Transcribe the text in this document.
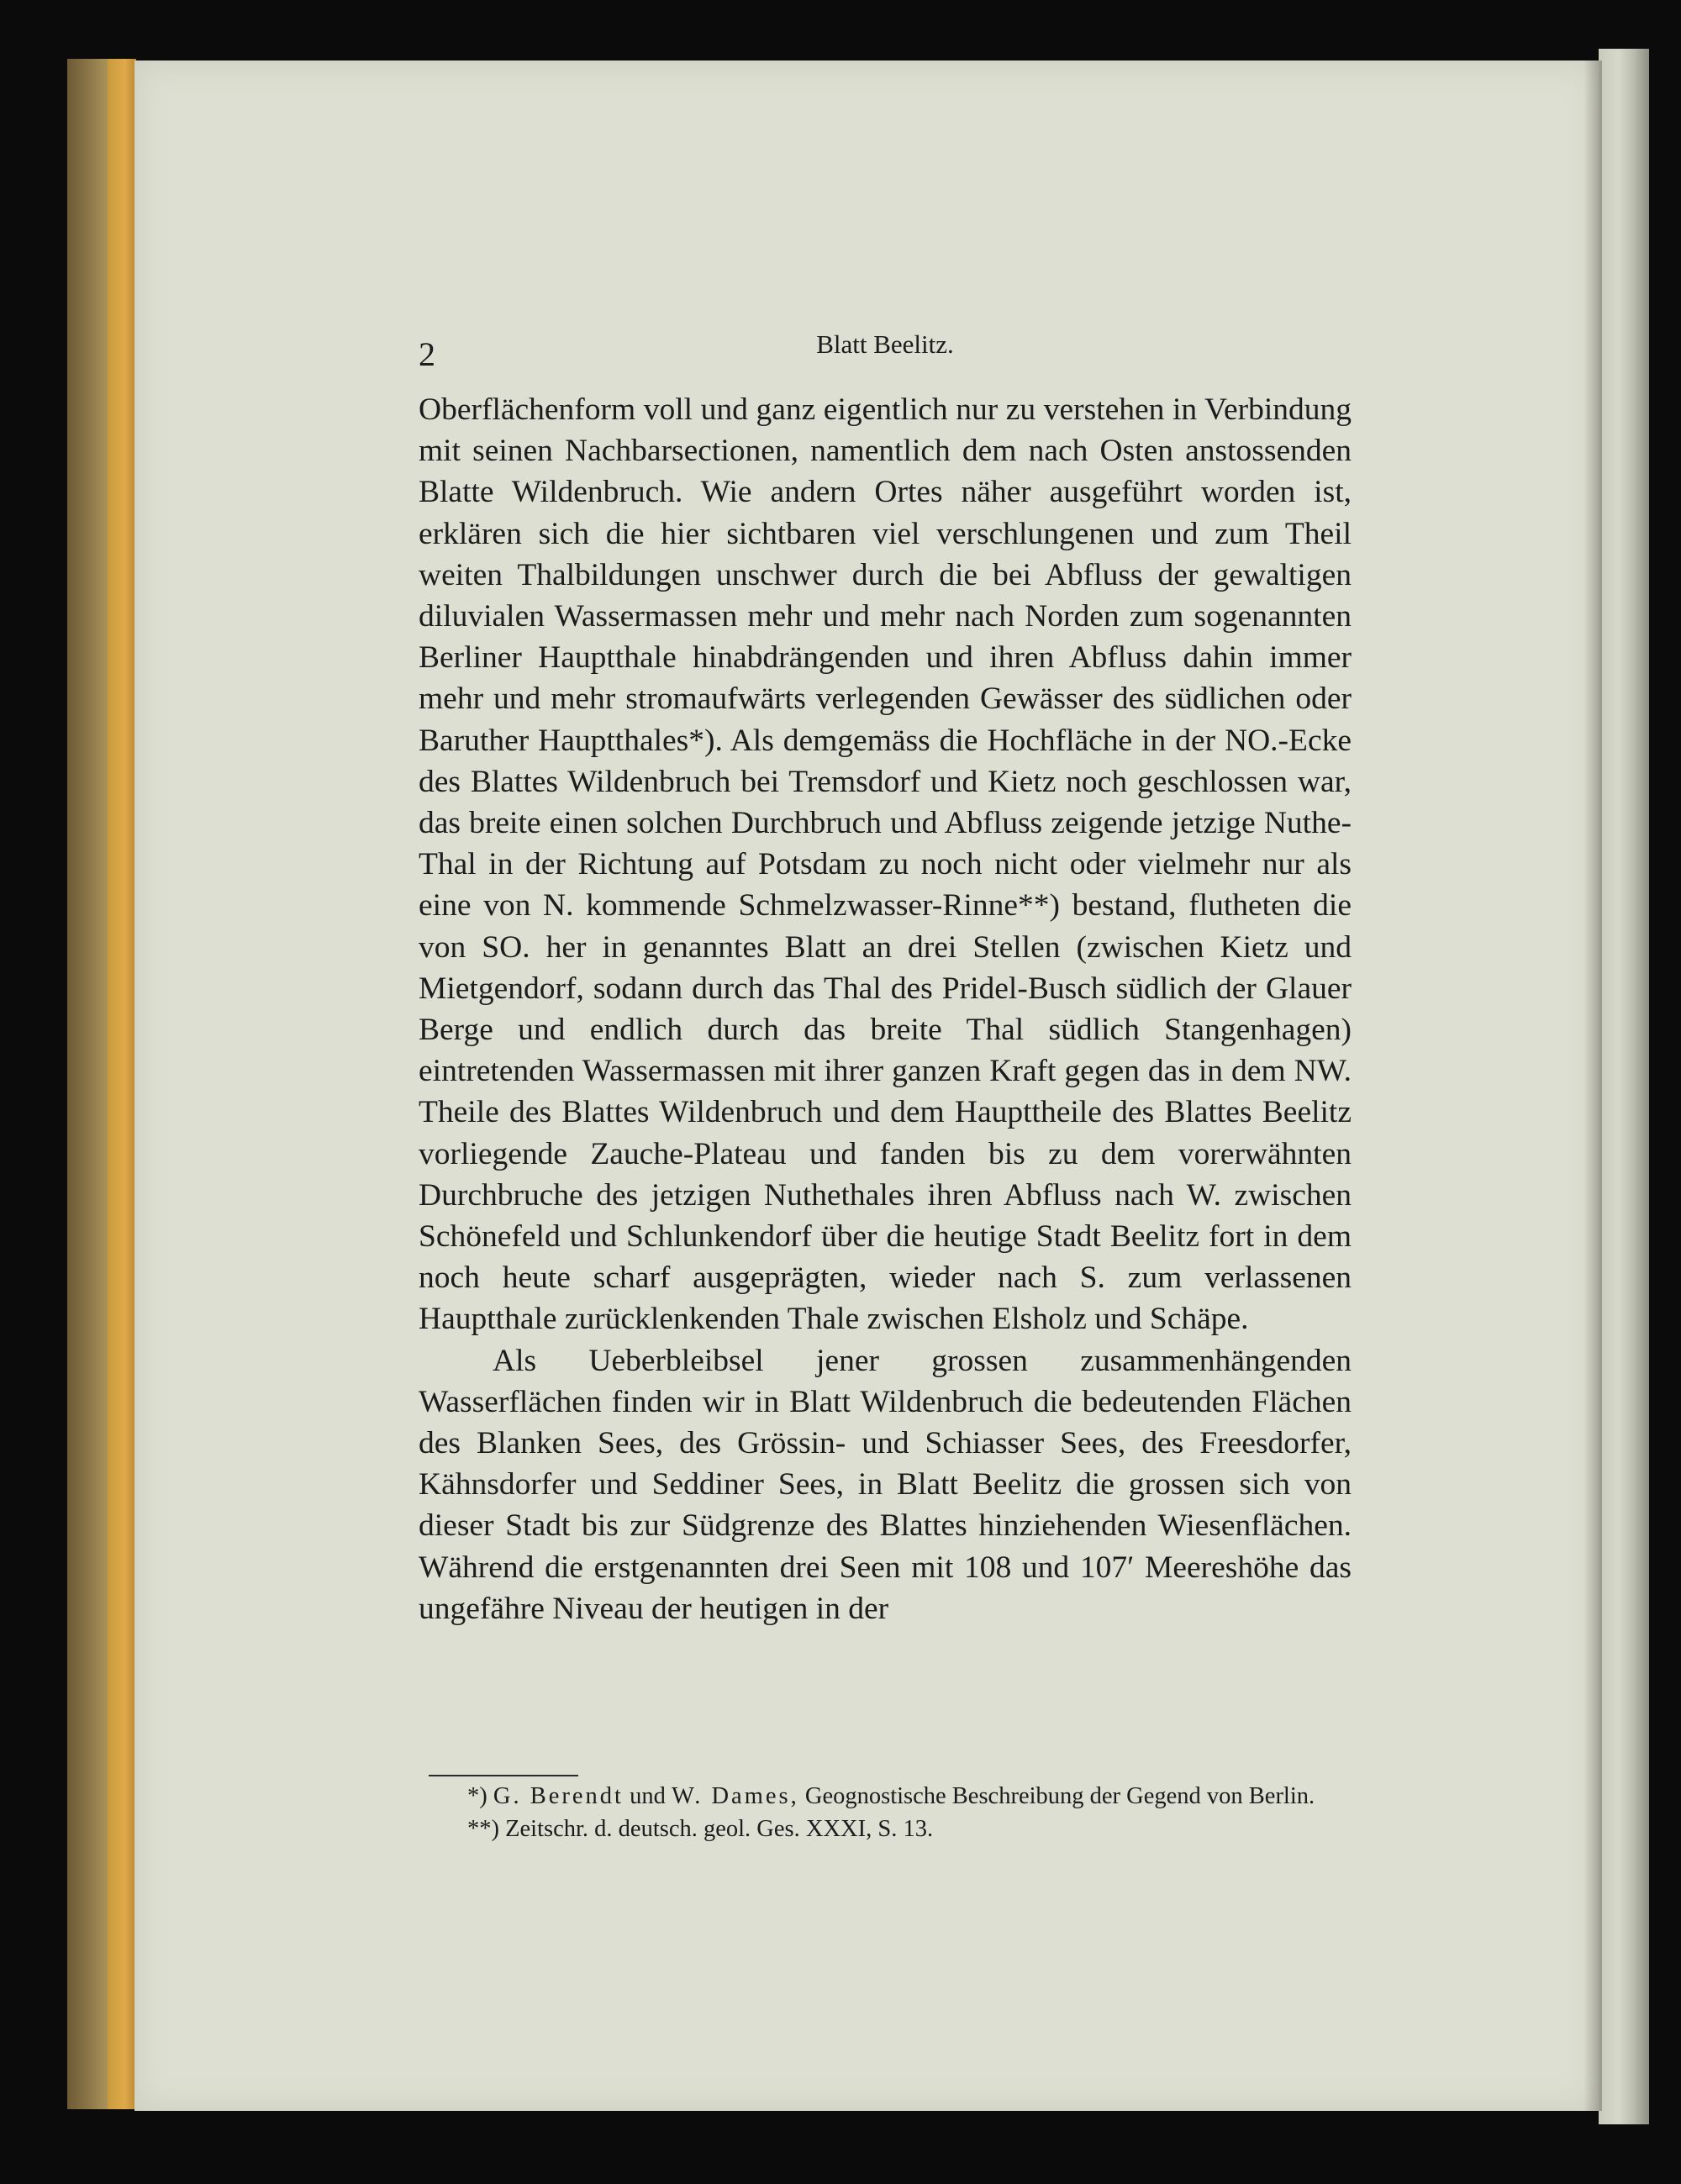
2	Blatt Beelitz.

Oberflächenform voll und ganz eigentlich nur zu verstehen in Verbindung mit seinen Nachbarsectionen, namentlich dem nach Osten anstossenden Blatte Wildenbruch. Wie andern Ortes näher ausgeführt worden ist, erklären sich die hier sichtbaren viel verschlungenen und zum Theil weiten Thalbildungen unschwer durch die bei Abfluss der gewaltigen diluvialen Wassermassen mehr und mehr nach Norden zum sogenannten Berliner Hauptthale hinabdrängenden und ihren Abfluss dahin immer mehr und mehr stromaufwärts verlegenden Gewässer des südlichen oder Baruther Hauptthales*). Als demgemäss die Hochfläche in der NO.-Ecke des Blattes Wildenbruch bei Tremsdorf und Kietz noch geschlossen war, das breite einen solchen Durchbruch und Abfluss zeigende jetzige Nuthe-Thal in der Richtung auf Potsdam zu noch nicht oder vielmehr nur als eine von N. kommende Schmelzwasser-Rinne**) bestand, flutheten die von SO. her in genanntes Blatt an drei Stellen (zwischen Kietz und Mietgendorf, sodann durch das Thal des Pridel-Busch südlich der Glauer Berge und endlich durch das breite Thal südlich Stangenhagen) eintretenden Wassermassen mit ihrer ganzen Kraft gegen das in dem NW. Theile des Blattes Wildenbruch und dem Haupttheile des Blattes Beelitz vorliegende Zauche-Plateau und fanden bis zu dem vorerwähnten Durchbruche des jetzigen Nuthethales ihren Abfluss nach W. zwischen Schönefeld und Schlunkendorf über die heutige Stadt Beelitz fort in dem noch heute scharf ausgeprägten, wieder nach S. zum verlassenen Hauptthale zurücklenkenden Thale zwischen Elsholz und Schäpe.

Als Ueberbleibsel jener grossen zusammenhängenden Wasserflächen finden wir in Blatt Wildenbruch die bedeutenden Flächen des Blanken Sees, des Grössin- und Schiasser Sees, des Freesdorfer, Kähnsdorfer und Seddiner Sees, in Blatt Beelitz die grossen sich von dieser Stadt bis zur Südgrenze des Blattes hinziehenden Wiesenflächen. Während die erstgenannten drei Seen mit 108 und 107′ Meereshöhe das ungefähre Niveau der heutigen in der

*) G. Berendt und W. Dames, Geognostische Beschreibung der Gegend von Berlin.

**) Zeitschr. d. deutsch. geol. Ges. XXXI, S. 13.
